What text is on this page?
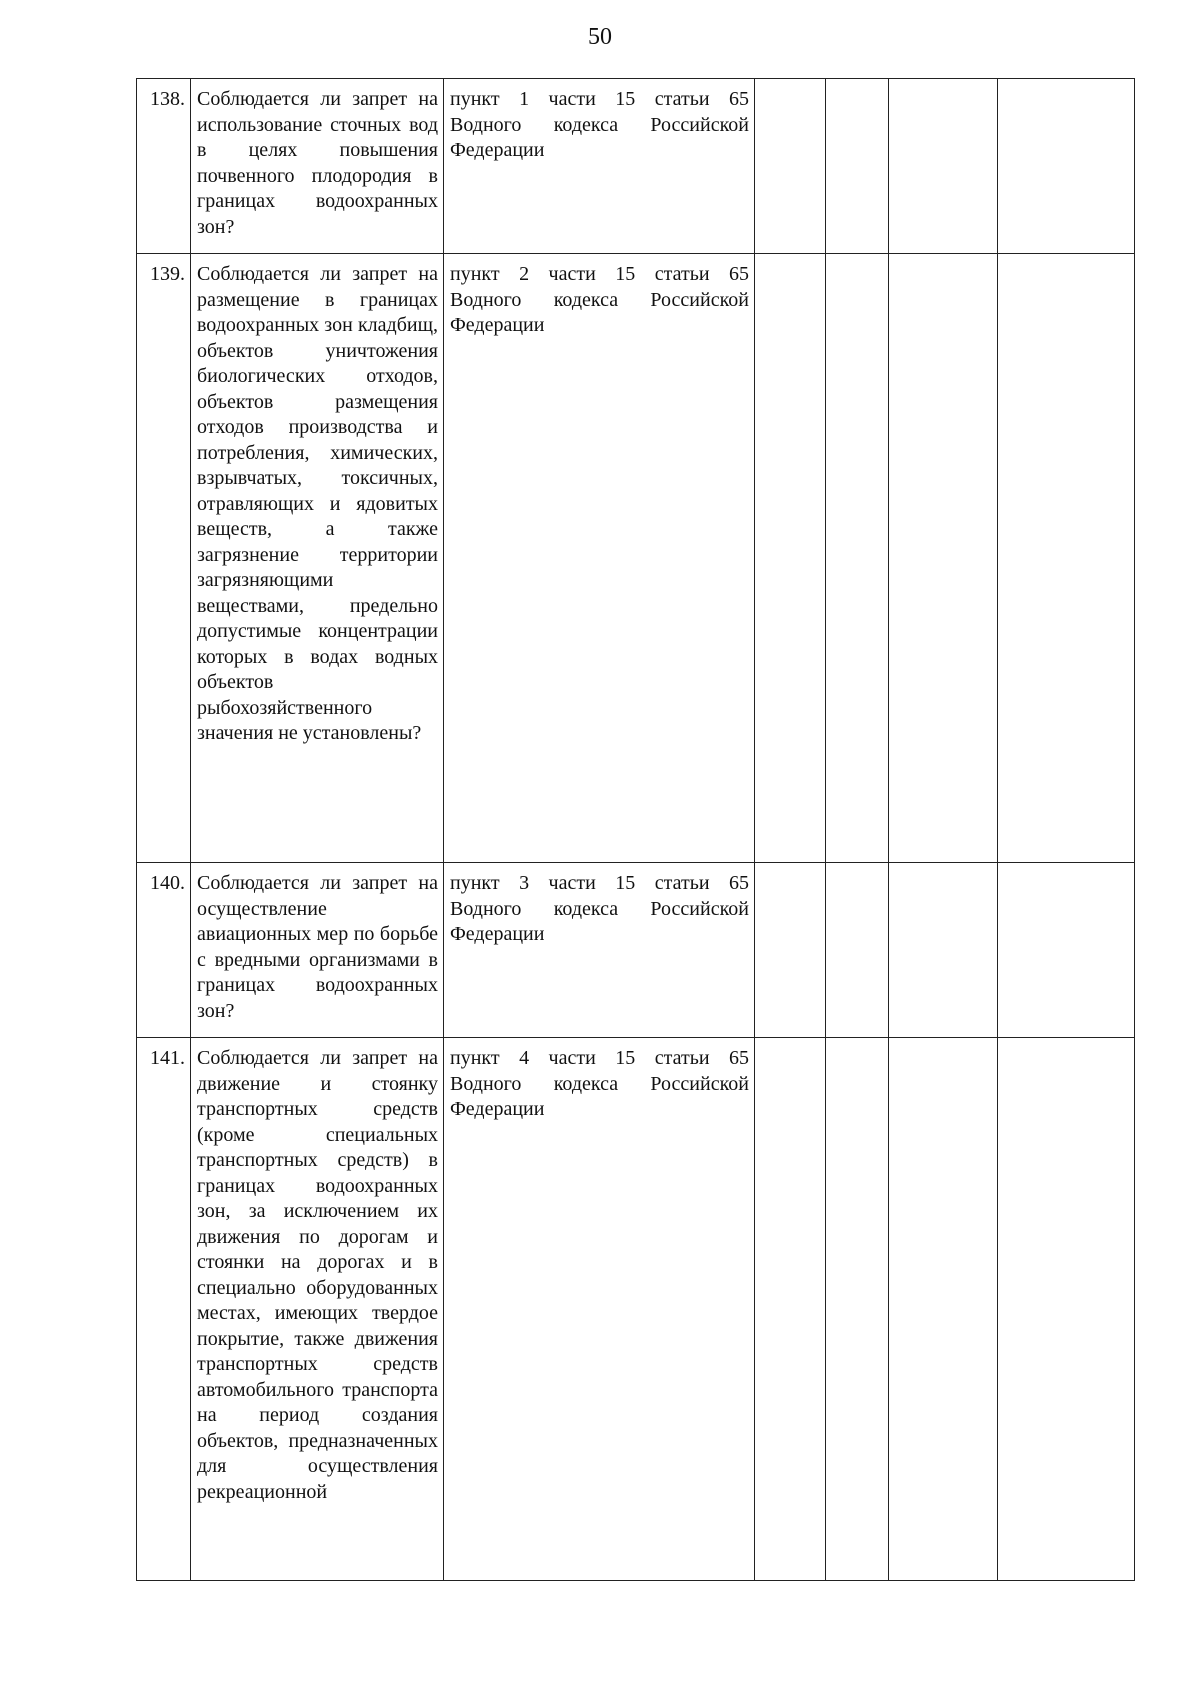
50
138.	Соблюдается ли запрет на использование сточных вод в целях повышения почвенного плодородия в границах водоохранных зон?	пункт 1 части 15 статьи 65 Водного кодекса Российской Федерации				
139.	Соблюдается ли запрет на размещение в границах водоохранных зон кладбищ, объектов уничтожения биологических отходов, объектов размещения отходов производства и потребления, химических, взрывчатых, токсичных, отравляющих и ядовитых веществ, а также загрязнение территории загрязняющими веществами, предельно допустимые концентрации которых в водах водных объектов рыбохозяйственного значения не установлены?	пункт 2 части 15 статьи 65 Водного кодекса Российской Федерации				
140.	Соблюдается ли запрет на осуществление авиационных мер по борьбе с вредными организмами в границах водоохранных зон?	пункт 3 части 15 статьи 65 Водного кодекса Российской Федерации				
141.	Соблюдается ли запрет на движение и стоянку транспортных средств (кроме специальных транспортных средств) в границах водоохранных зон, за исключением их движения по дорогам и стоянки на дорогах и в специально оборудованных местах, имеющих твердое покрытие, также движения транспортных средств автомобильного транспорта на период создания объектов, предназначенных для осуществления рекреационной	пункт 4 части 15 статьи 65 Водного кодекса Российской Федерации				
